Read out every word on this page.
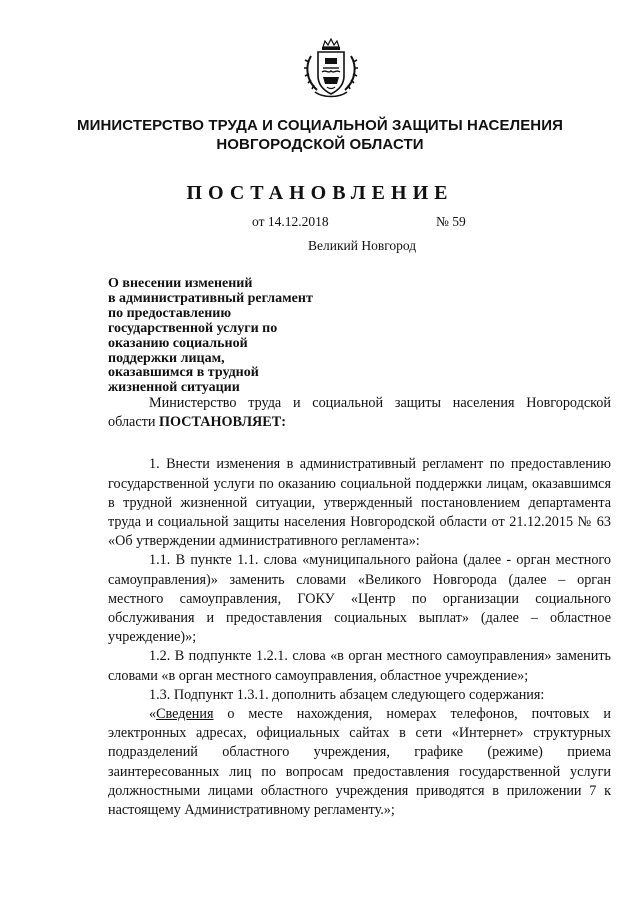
МИНИСТЕРСТВО ТРУДА И СОЦИАЛЬНОЙ ЗАЩИТЫ НАСЕЛЕНИЯ
НОВГОРОДСКОЙ ОБЛАСТИ
ПОСТАНОВЛЕНИЕ
от 14.12.2018	№ 59
Великий Новгород
О внесении изменений
в административный регламент
по предоставлению
государственной услуги по
оказанию социальной
поддержки лицам,
оказавшимся в трудной
жизненной ситуации

Министерство труда и социальной защиты населения Новгородской области ПОСТАНОВЛЯЕТ:

1. Внести изменения в административный регламент по предоставлению государственной услуги по оказанию социальной поддержки лицам, оказавшимся в трудной жизненной ситуации, утвержденный постановлением департамента труда и социальной защиты населения Новгородской области от 21.12.2015 № 63 «Об утверждении административного регламента»:

1.1. В пункте 1.1. слова «муниципального района (далее - орган местного самоуправления)» заменить словами «Великого Новгорода (далее – орган местного самоуправления, ГОКУ «Центр по организации социального обслуживания и предоставления социальных выплат» (далее – областное учреждение)»;

1.2. В подпункте 1.2.1. слова «в орган местного самоуправления» заменить словами «в орган местного самоуправления, областное учреждение»;

1.3. Подпункт 1.3.1. дополнить абзацем следующего содержания:

«Сведения о месте нахождения, номерах телефонов, почтовых и электронных адресах, официальных сайтах в сети «Интернет» структурных подразделений областного учреждения, графике (режиме) приема заинтересованных лиц по вопросам предоставления государственной услуги должностными лицами областного учреждения приводятся в приложении 7 к настоящему Административному регламенту.»;
